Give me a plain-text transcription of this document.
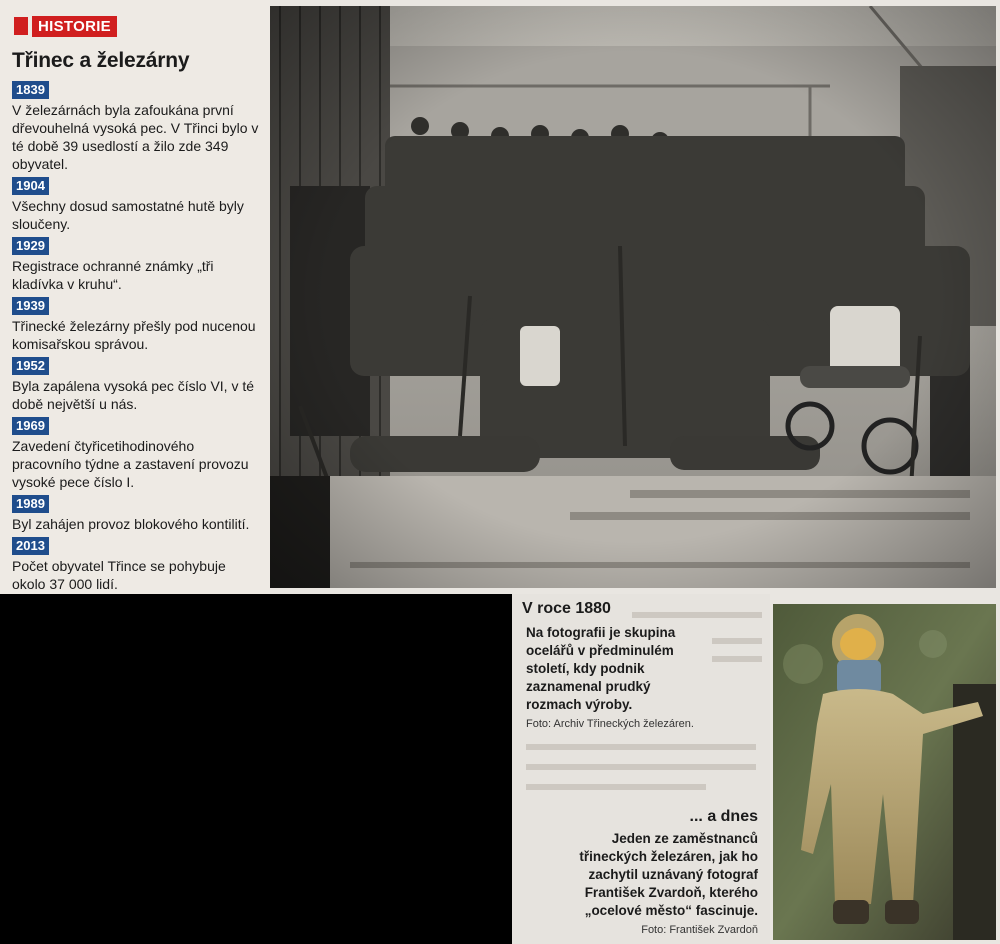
HISTORIE
Třinec a železárny
1839
V železárnách byla zafoukána první dřevouhelná vysoká pec. V Třinci bylo v té době 39 usedlostí a žilo zde 349 obyvatel.
1904
Všechny dosud samostatné hutě byly sloučeny.
1929
Registrace ochranné známky „tři kladívka v kruhu“.
1939
Třinecké železárny přešly pod nucenou komisařskou správou.
1952
Byla zapálena vysoká pec číslo VI, v té době největší u nás.
1969
Zavedení čtyřicetihodinového pracovního týdne a zastavení provozu vysoké pece číslo I.
1989
Byl zahájen provoz blokového kontilití.
2013
Počet obyvatel Třince se pohybuje okolo 37 000 lidí.
V roce 1880
Na fotografii je skupina ocelářů v předminulém století, kdy podnik zaznamenal prudký rozmach výroby.
Foto: Archiv Třineckých železáren.
... a dnes
Jeden ze zaměstnanců třineckých železáren, jak ho zachytil uznávaný fotograf František Zvardoň, kterého „ocelové město“ fascinuje.
Foto: František Zvardoň
